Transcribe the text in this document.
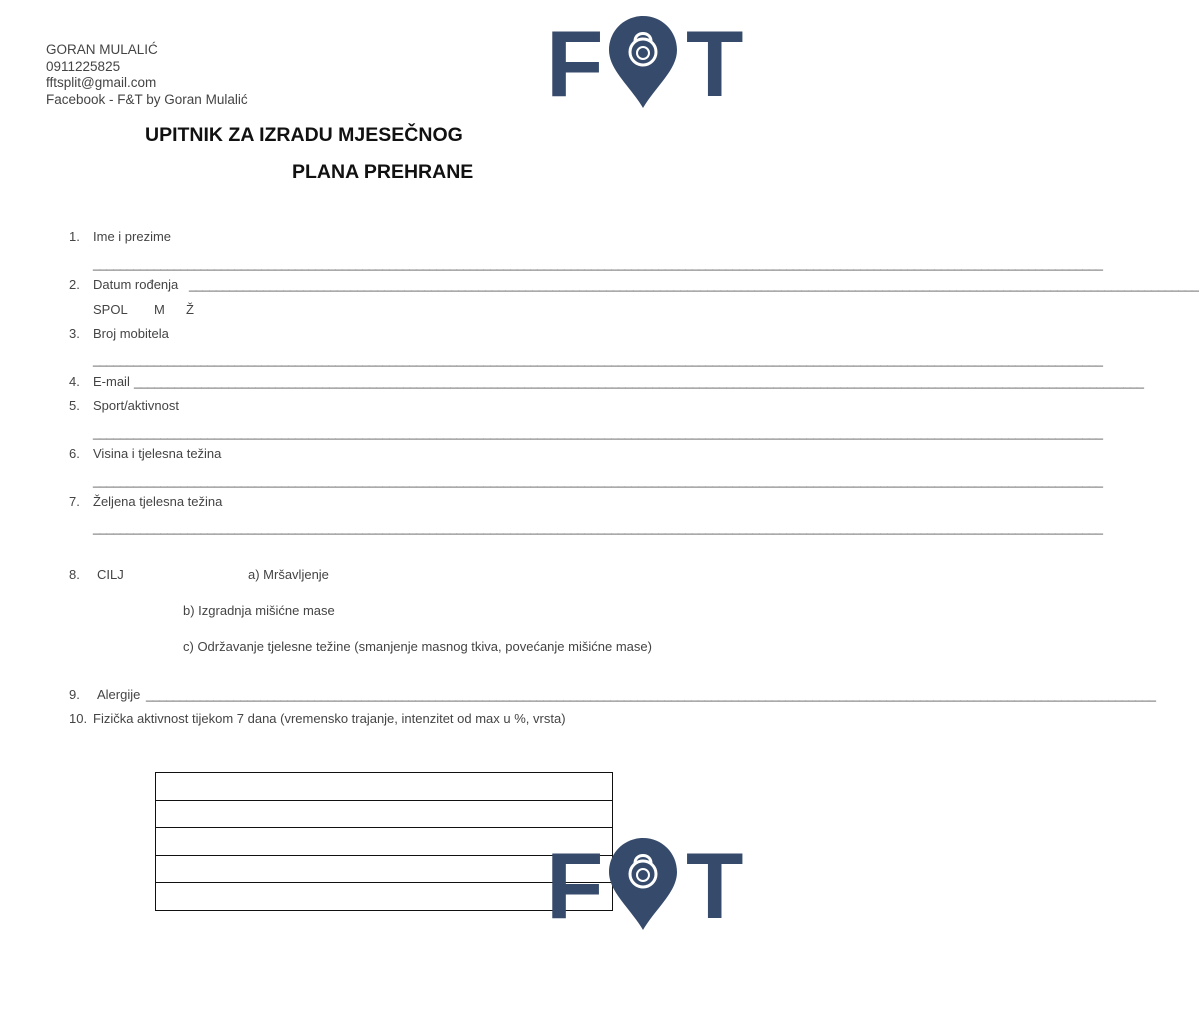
GORAN MULALIĆ
0911225825
fftsplit@gmail.com
Facebook - F&T by Goran Mulalić	F T
UPITNIK ZA IZRADU MJESEČNOG
PLANA PREHRANE
1. Ime i prezime
______________________________________________________________________________________________________________________________________________________
2. Datum rođenja ______________________________________________________________________________________________________________________________________________________
SPOL M Ž
3. Broj mobitela
______________________________________________________________________________________________________________________________________________________
4. E-mail ______________________________________________________________________________________________________________________________________________________
5. Sport/aktivnost
______________________________________________________________________________________________________________________________________________________
6. Visina i tjelesna težina
______________________________________________________________________________________________________________________________________________________
7. Željena tjelesna težina
______________________________________________________________________________________________________________________________________________________
8. CILJ	a) Mršavljenje
b) Izgradnja mišićne mase
c) Održavanje tjelesne težine (smanjenje masnog tkiva, povećanje mišićne mase)
9. Alergije ______________________________________________________________________________________________________________________________________________________
10. Fizička aktivnost tijekom 7 dana (vremensko trajanje, intenzitet od max u %, vrsta)

F T
